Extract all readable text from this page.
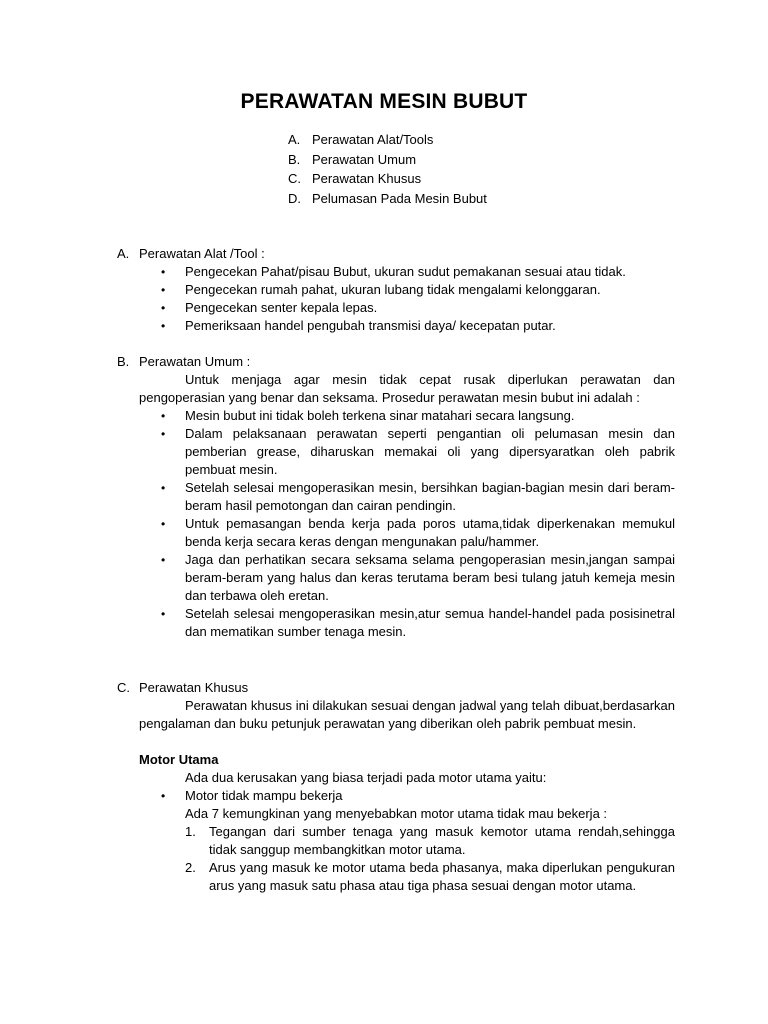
PERAWATAN MESIN BUBUT
A. Perawatan Alat/Tools
B. Perawatan Umum
C. Perawatan Khusus
D. Pelumasan Pada Mesin Bubut
A. Perawatan Alat /Tool :
• Pengecekan Pahat/pisau Bubut, ukuran sudut pemakanan sesuai atau tidak.
• Pengecekan rumah pahat, ukuran lubang tidak mengalami kelonggaran.
• Pengecekan senter kepala lepas.
• Pemeriksaan handel pengubah transmisi daya/ kecepatan putar.
B. Perawatan Umum :
Untuk menjaga agar mesin tidak cepat rusak diperlukan perawatan dan pengoperasian yang benar dan seksama. Prosedur perawatan mesin bubut ini adalah :
• Mesin bubut ini tidak boleh terkena sinar matahari secara langsung.
• Dalam pelaksanaan perawatan seperti pengantian oli pelumasan mesin dan pemberian grease, diharuskan memakai oli yang dipersyaratkan oleh pabrik pembuat mesin.
• Setelah selesai mengoperasikan mesin, bersihkan bagian-bagian mesin dari beram-beram hasil pemotongan dan cairan pendingin.
• Untuk pemasangan benda kerja pada poros utama,tidak diperkenakan memukul benda kerja secara keras dengan mengunakan palu/hammer.
• Jaga dan perhatikan secara seksama selama pengoperasian mesin,jangan sampai beram-beram yang halus dan keras terutama beram besi tulang jatuh kemeja mesin dan terbawa oleh eretan.
• Setelah selesai mengoperasikan mesin,atur semua handel-handel pada posisinetral dan mematikan sumber tenaga mesin.
C. Perawatan Khusus
Perawatan khusus ini dilakukan sesuai dengan jadwal yang telah dibuat,berdasarkan pengalaman dan buku petunjuk perawatan yang diberikan oleh pabrik pembuat mesin.
Motor Utama
Ada dua kerusakan yang biasa terjadi pada motor utama yaitu:
• Motor tidak mampu bekerja
Ada 7 kemungkinan yang menyebabkan motor utama tidak mau bekerja :
1. Tegangan dari sumber tenaga yang masuk kemotor utama rendah,sehingga tidak sanggup membangkitkan motor utama.
2. Arus yang masuk ke motor utama beda phasanya, maka diperlukan pengukuran arus yang masuk satu phasa atau tiga phasa sesuai dengan motor utama.
